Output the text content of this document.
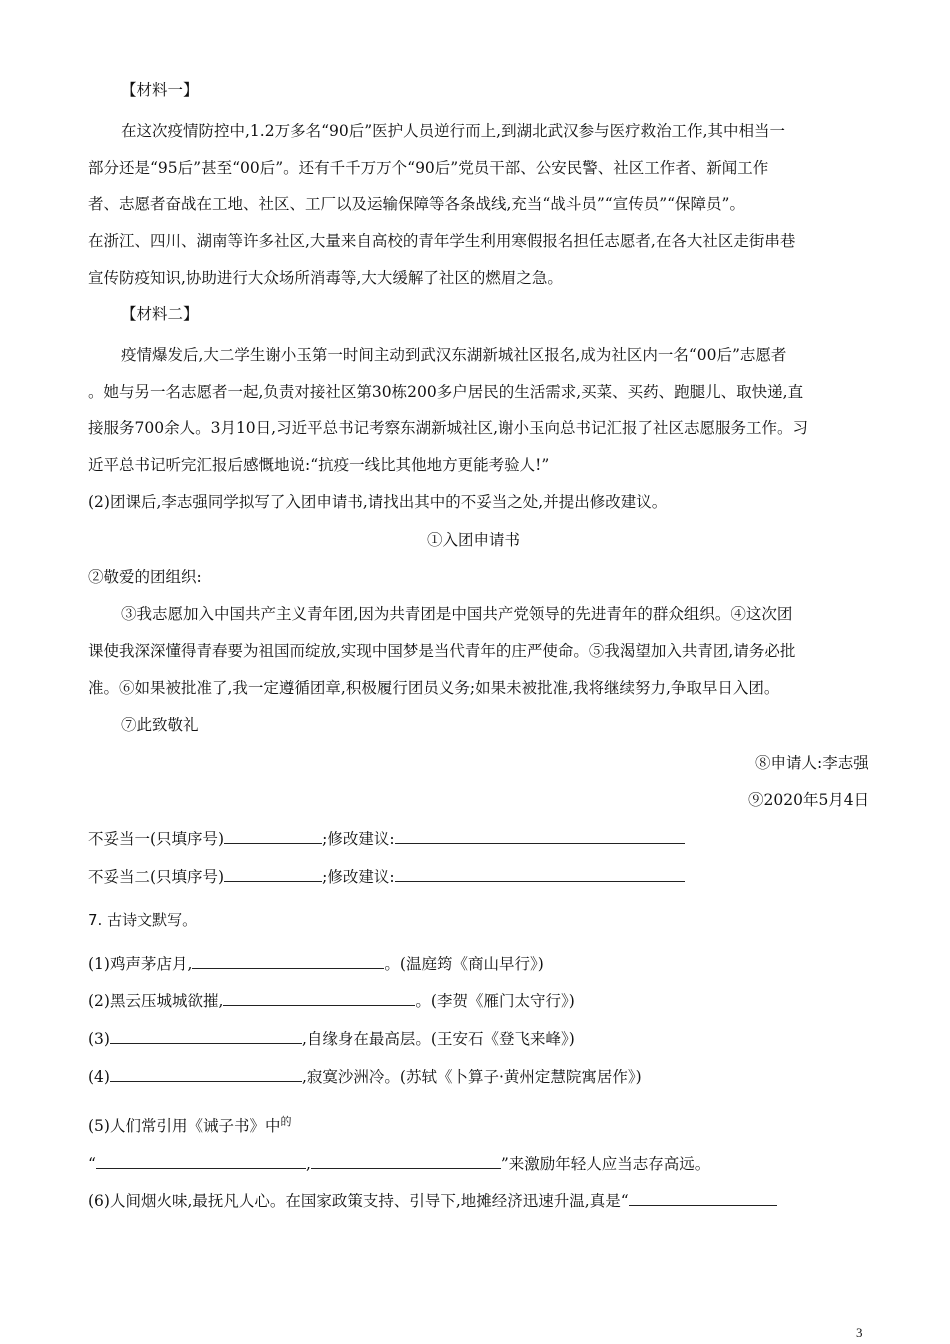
【材料一】
在这次疫情防控中,1.2万多名“90后”医护人员逆行而上,到湖北武汉参与医疗救治工作,其中相当一
部分还是“95后”甚至“00后”。还有千千万万个“90后”党员干部、公安民警、社区工作者、新闻工作
者、志愿者奋战在工地、社区、工厂以及运输保障等各条战线,充当“战斗员”“宣传员”“保障员”。
在浙江、四川、湖南等许多社区,大量来自高校的青年学生利用寒假报名担任志愿者,在各大社区走街串巷
宣传防疫知识,协助进行大众场所消毒等,大大缓解了社区的燃眉之急。
【材料二】
疫情爆发后,大二学生谢小玉第一时间主动到武汉东湖新城社区报名,成为社区内一名“00后”志愿者
。她与另一名志愿者一起,负责对接社区第30栋200多户居民的生活需求,买菜、买药、跑腿儿、取快递,直
接服务700余人。3月10日,习近平总书记考察东湖新城社区,谢小玉向总书记汇报了社区志愿服务工作。习
近平总书记听完汇报后感慨地说:“抗疫一线比其他地方更能考验人!”
(2)团课后,李志强同学拟写了入团申请书,请找出其中的不妥当之处,并提出修改建议。
①入团申请书
②敬爱的团组织:
③我志愿加入中国共产主义青年团,因为共青团是中国共产党领导的先进青年的群众组织。④这次团
课使我深深懂得青春要为祖国而绽放,实现中国梦是当代青年的庄严使命。⑤我渴望加入共青团,请务必批
准。⑥如果被批准了,我一定遵循团章,积极履行团员义务;如果未被批准,我将继续努力,争取早日入团。
⑦此致敬礼
⑧申请人:李志强
⑨2020年5月4日
不妥当一(只填序号)	;修改建议:
不妥当二(只填序号)	;修改建议:
7. 古诗文默写。
(1)鸡声茅店月,	。(温庭筠《商山早行》)
(2)黑云压城城欲摧,	。(李贺《雁门太守行》)
(3)	,自缘身在最高层。(王安石《登飞来峰》)
(4)	,寂寞沙洲冷。(苏轼《卜算子·黄州定慧院寓居作》)
(5)人们常引用《诫子书》中$^的$
“	,	”来激励年轻人应当志存高远。
(6)人间烟火味,最抚凡人心。在国家政策支持、引导下,地摊经济迅速升温,真是“
3
